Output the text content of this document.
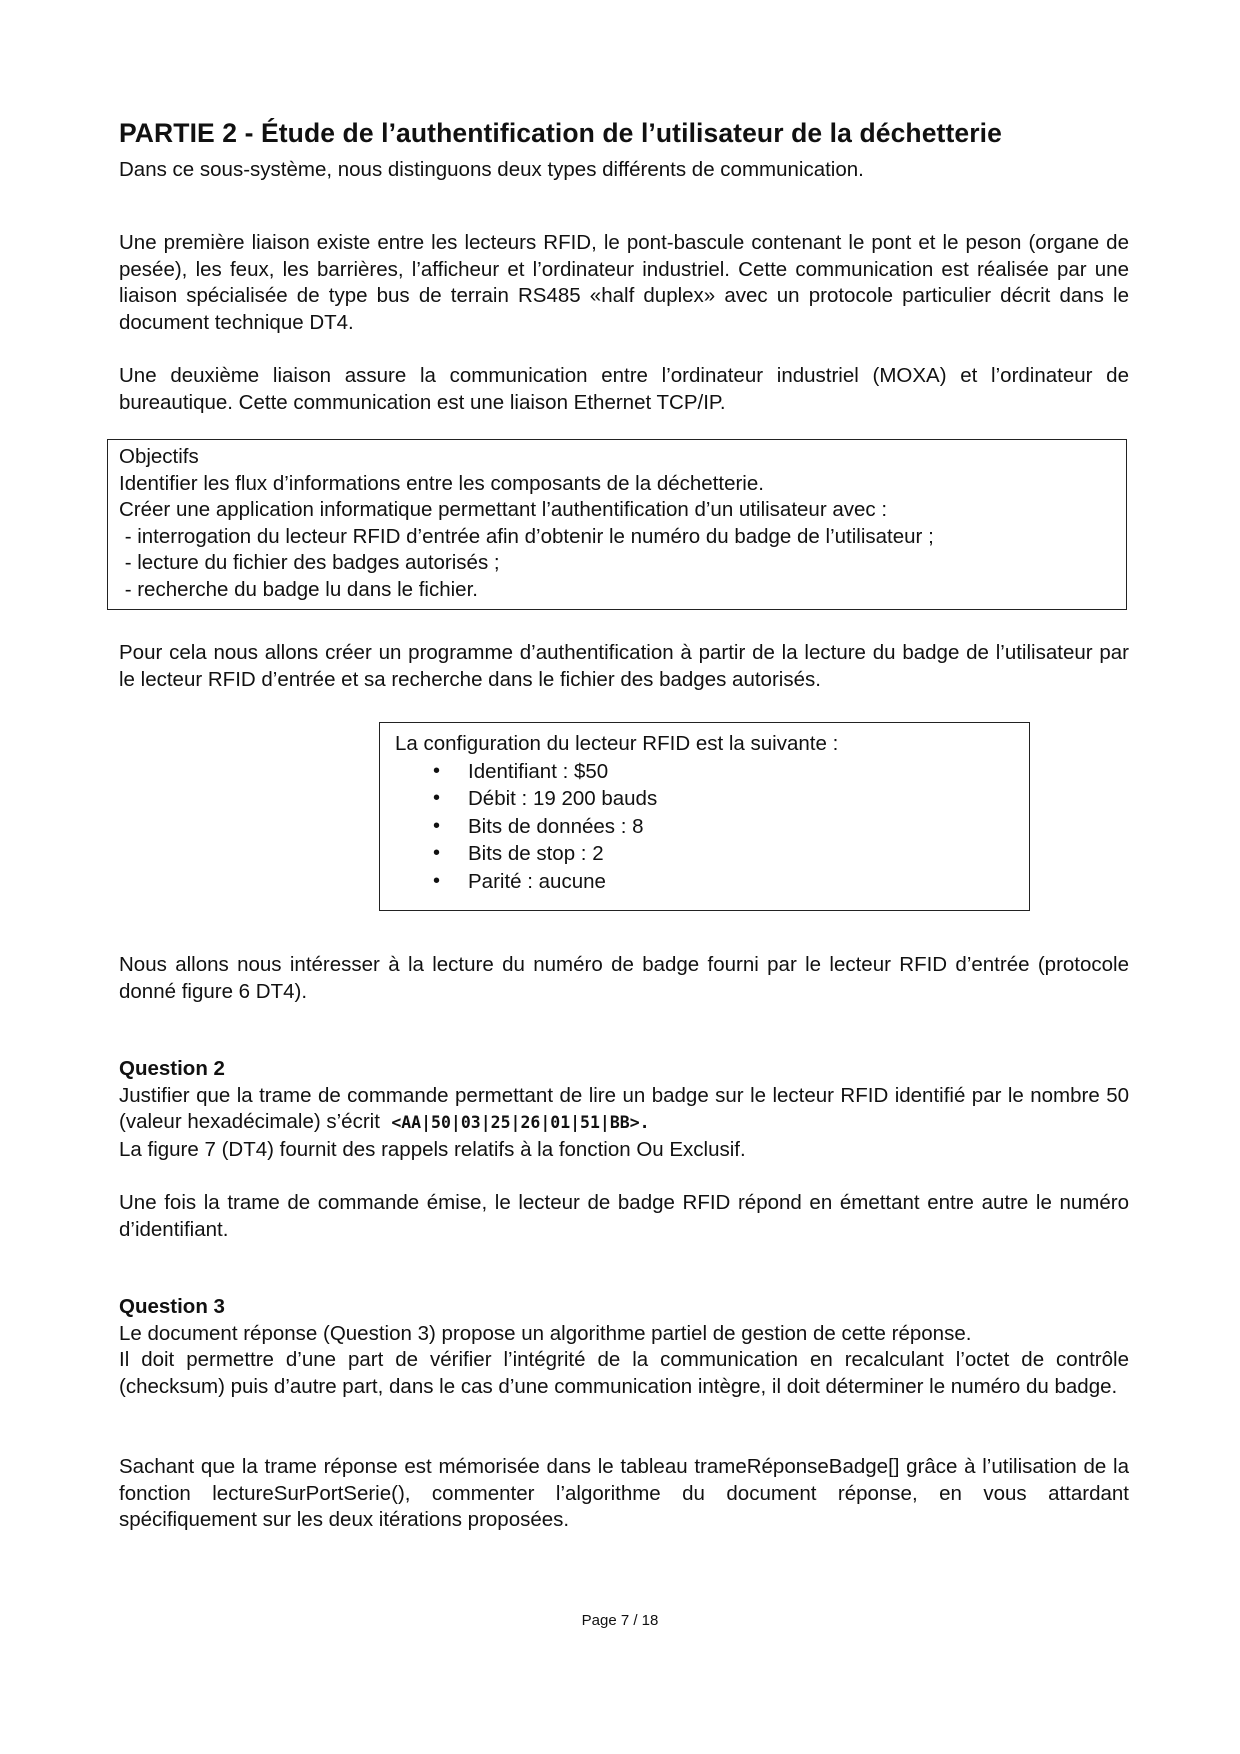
PARTIE 2 - Étude de l’authentification de l’utilisateur de la déchetterie

Dans ce sous-système, nous distinguons deux types différents de communication.

Une première liaison existe entre les lecteurs RFID, le pont-bascule contenant le pont et le peson (organe de pesée), les feux, les barrières, l’afficheur et l’ordinateur industriel. Cette communication est réalisée par une liaison spécialisée de type bus de terrain RS485 «half duplex» avec un protocole particulier décrit dans le document technique DT4.

Une deuxième liaison assure la communication entre l’ordinateur industriel (MOXA) et l’ordinateur de bureautique. Cette communication est une liaison Ethernet TCP/IP.

Objectifs

Identifier les flux d’informations entre les composants de la déchetterie.

Créer une application informatique permettant l’authentification d’un utilisateur avec :

- interrogation du lecteur RFID d’entrée afin d’obtenir le numéro du badge de l’utilisateur ;

- lecture du fichier des badges autorisés ;

- recherche du badge lu dans le fichier.

Pour cela nous allons créer un programme d’authentification à partir de la lecture du badge de l’utilisateur par le lecteur RFID d’entrée et sa recherche dans le fichier des badges autorisés.

La configuration du lecteur RFID est la suivante :

• Identifiant : $50
• Débit : 19 200 bauds
• Bits de données : 8
• Bits de stop : 2
• Parité : aucune

Nous allons nous intéresser à la lecture du numéro de badge fourni par le lecteur RFID d’entrée (protocole donné figure 6 DT4).

Question 2

Justifier que la trame de commande permettant de lire un badge sur le lecteur RFID identifié par le nombre 50 (valeur hexadécimale) s’écrit <AA|50|03|25|26|01|51|BB>.

La figure 7 (DT4) fournit des rappels relatifs à la fonction Ou Exclusif.

Une fois la trame de commande émise, le lecteur de badge RFID répond en émettant entre autre le numéro d’identifiant.

Question 3

Le document réponse (Question 3) propose un algorithme partiel de gestion de cette réponse.

Il doit permettre d’une part de vérifier l’intégrité de la communication en recalculant l’octet de contrôle (checksum) puis d’autre part, dans le cas d’une communication intègre, il doit déterminer le numéro du badge.

Sachant que la trame réponse est mémorisée dans le tableau trameRéponseBadge[] grâce à l’utilisation de la fonction lectureSurPortSerie(), commenter l’algorithme du document réponse, en vous attardant spécifiquement sur les deux itérations proposées.

Page 7 / 18
